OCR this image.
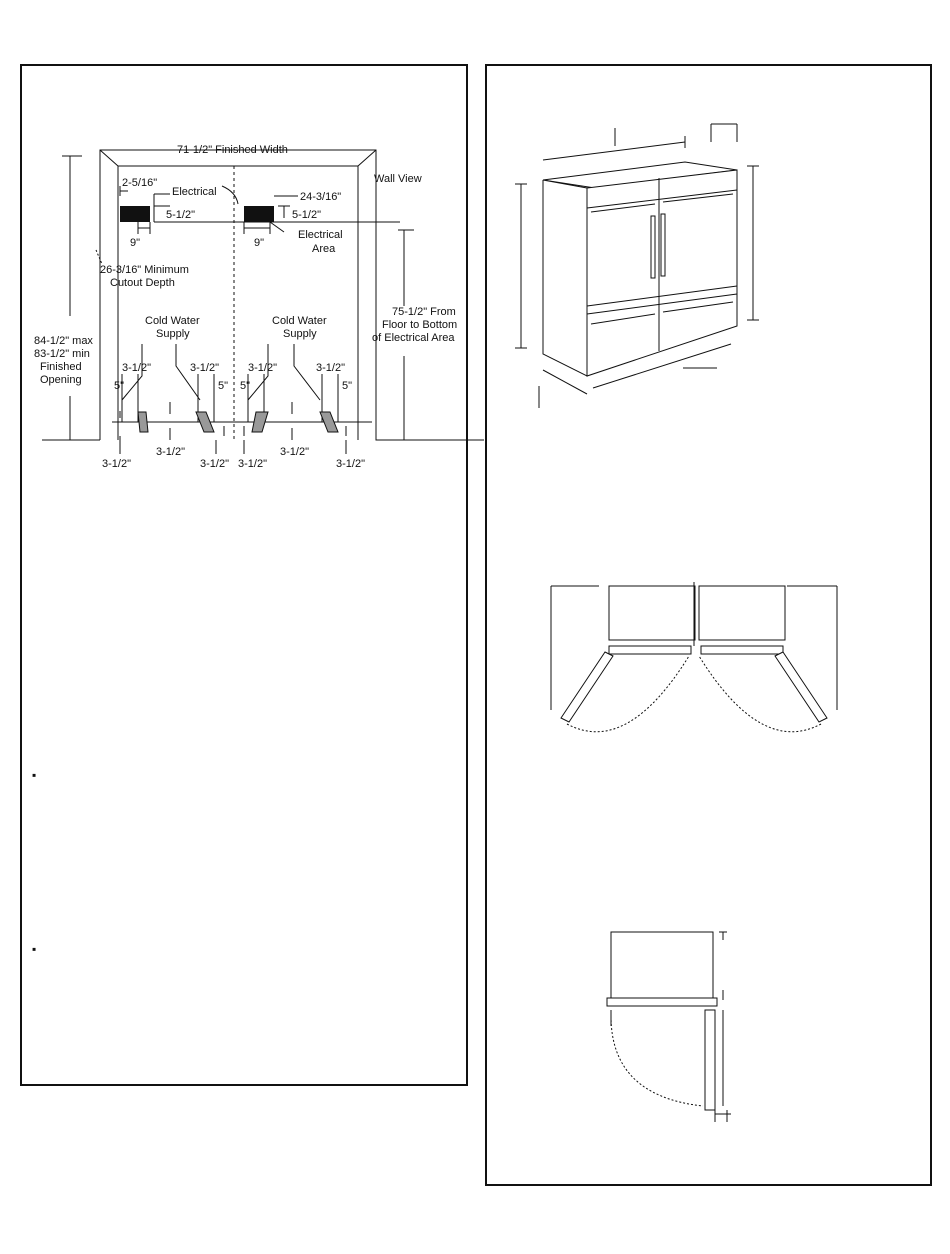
71-1/2" Finished Width
Wall View
2-5/16"
Electrical	24-3/16"
5-1/2"	5-1/2"
9"	9"
Electrical
Area
26-3/16" Minimum
Cutout Depth
84-1/2" max
83-1/2" min
Finished
Opening
75-1/2" From
Floor to Bottom
of Electrical Area
Cold Water
Supply
Cold Water
Supply
3-1/2"	3-1/2"	3-1/2"	3-1/2"
5"	5" 5"	5"
3-1/2"
3-1/2"
3-1/2" 3-1/2"
3-1/2"
3-1/2"
▪
▪
